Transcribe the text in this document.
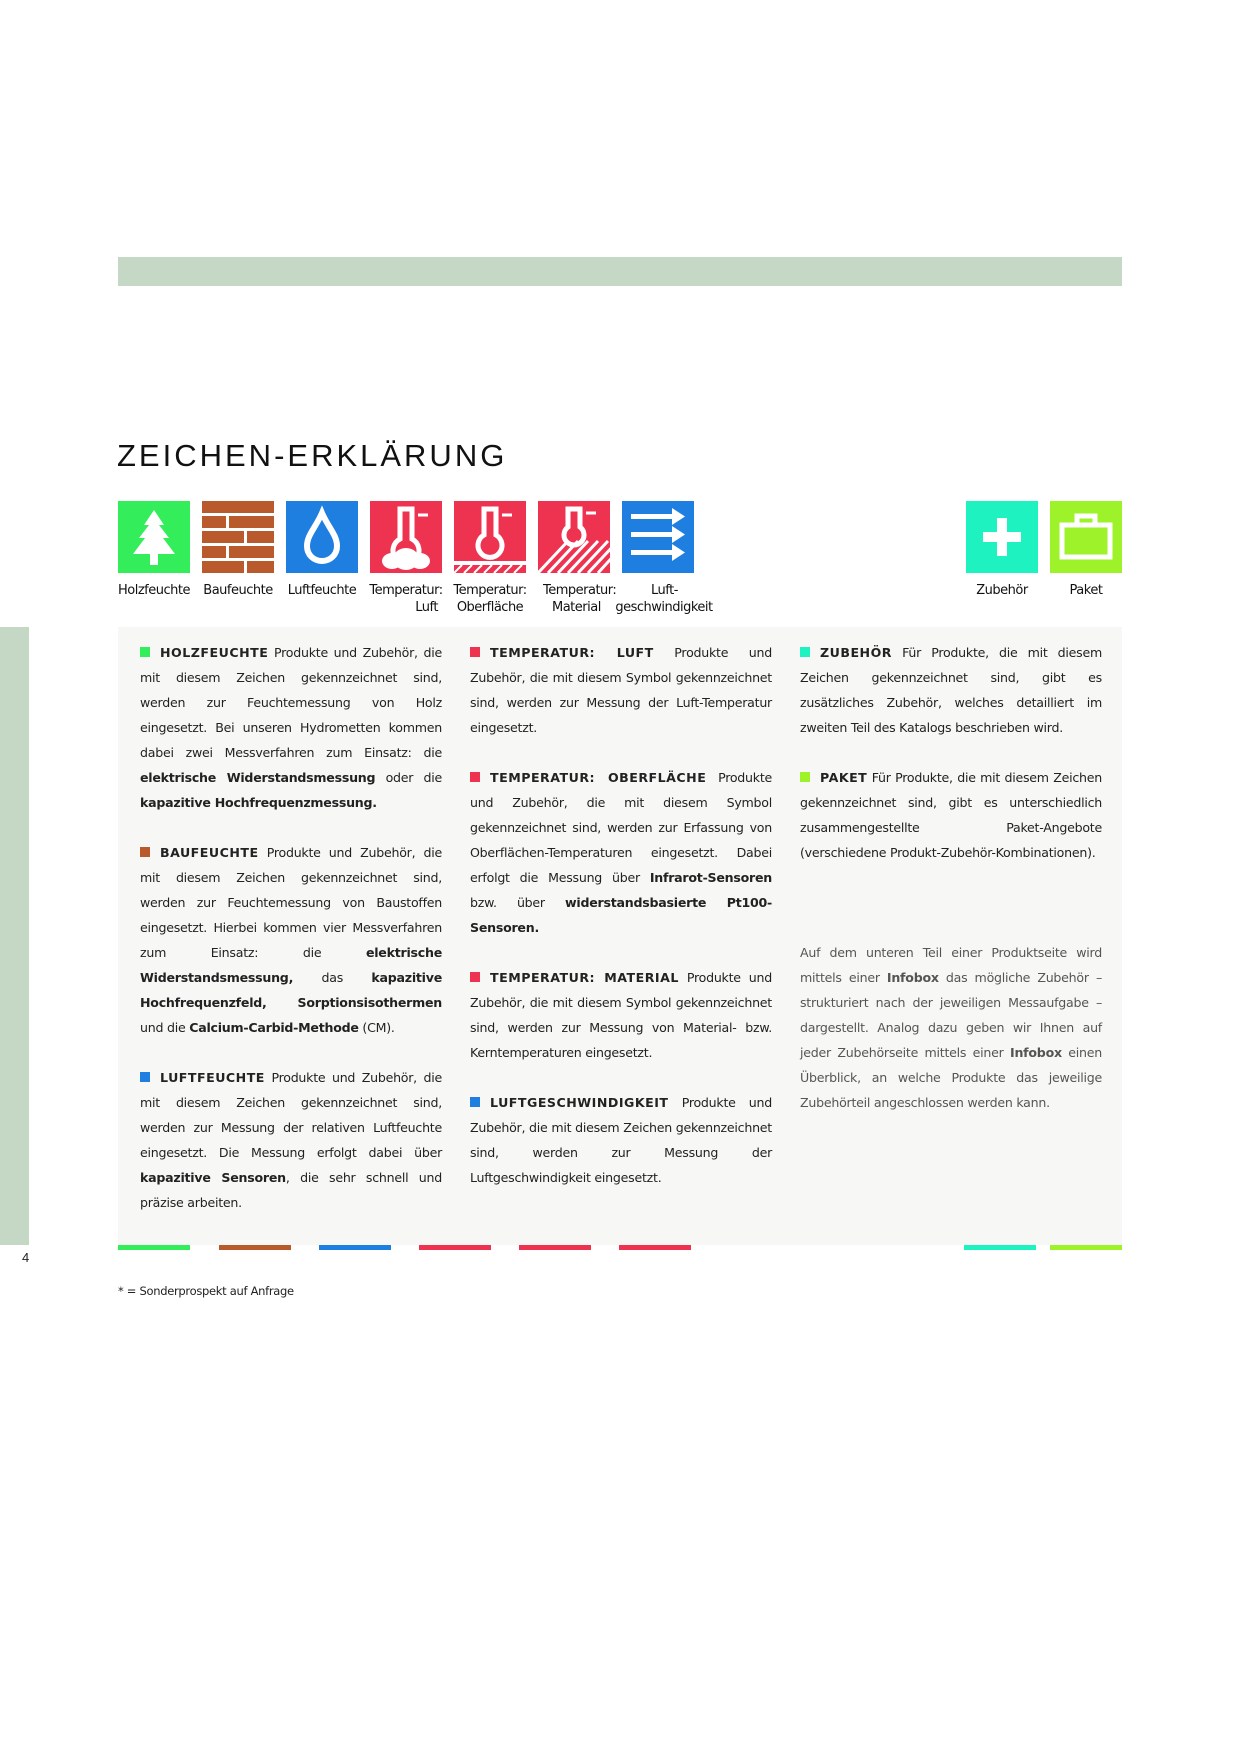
4
ZEICHEN-ERKLÄRUNG
Holzfeuchte	Baufeuchte	Luftfeuchte	Temperatur:
Luft
Temperatur:
Oberfläche
Temperatur:
Material
Luft-
geschwindigkeit
Zubehör	Paket

HOLZFEUCHTE Produkte und Zubehör, die mit diesem Zeichen gekennzeichnet sind, werden zur Feuchtemessung von Holz eingesetzt. Bei unseren Hydrometten kommen dabei zwei Messverfahren zum Einsatz: die elektrische Widerstandsmessung oder die kapazitive Hochfrequenzmessung.

BAUFEUCHTE Produkte und Zubehör, die mit diesem Zeichen gekennzeichnet sind, werden zur Feuchtemessung von Baustoffen eingesetzt. Hierbei kommen vier Messverfahren zum Einsatz: die elektrische Widerstandsmessung, das kapazitive Hochfrequenzfeld, Sorptionsisothermen und die Calcium-Carbid-Methode (CM).

LUFTFEUCHTE Produkte und Zubehör, die mit diesem Zeichen gekennzeichnet sind, werden zur Messung der relativen Luftfeuchte eingesetzt. Die Messung erfolgt dabei über kapazitive Sensoren, die sehr schnell und präzise arbeiten.

TEMPERATUR: LUFT Produkte und Zubehör, die mit diesem Symbol gekennzeichnet sind, werden zur Messung der Luft-Temperatur eingesetzt.

TEMPERATUR: OBERFLÄCHE Produkte und Zubehör, die mit diesem Symbol gekennzeichnet sind, werden zur Erfassung von Oberflächen-Temperaturen eingesetzt. Dabei erfolgt die Messung über Infrarot-Sensoren bzw. über widerstandsbasierte Pt100-Sensoren.

TEMPERATUR: MATERIAL Produkte und Zubehör, die mit diesem Symbol gekennzeichnet sind, werden zur Messung von Material- bzw. Kerntemperaturen eingesetzt.

LUFTGESCHWINDIGKEIT Produkte und Zubehör, die mit diesem Zeichen gekennzeichnet sind, werden zur Messung der Luftgeschwindigkeit eingesetzt.

ZUBEHÖR Für Produkte, die mit diesem Zeichen gekennzeichnet sind, gibt es zusätzliches Zubehör, welches detailliert im zweiten Teil des Katalogs beschrieben wird.

PAKET Für Produkte, die mit diesem Zeichen gekennzeichnet sind, gibt es unterschiedlich zusammengestellte Paket-Angebote (verschiedene Produkt-Zubehör-Kombinationen).

Auf dem unteren Teil einer Produktseite wird mittels einer Infobox das mögliche Zubehör – strukturiert nach der jeweiligen Messaufgabe – dargestellt. Analog dazu geben wir Ihnen auf jeder Zubehörseite mittels einer Infobox einen Überblick, an welche Produkte das jeweilige Zubehörteil angeschlossen werden kann.

* = Sonderprospekt auf Anfrage
